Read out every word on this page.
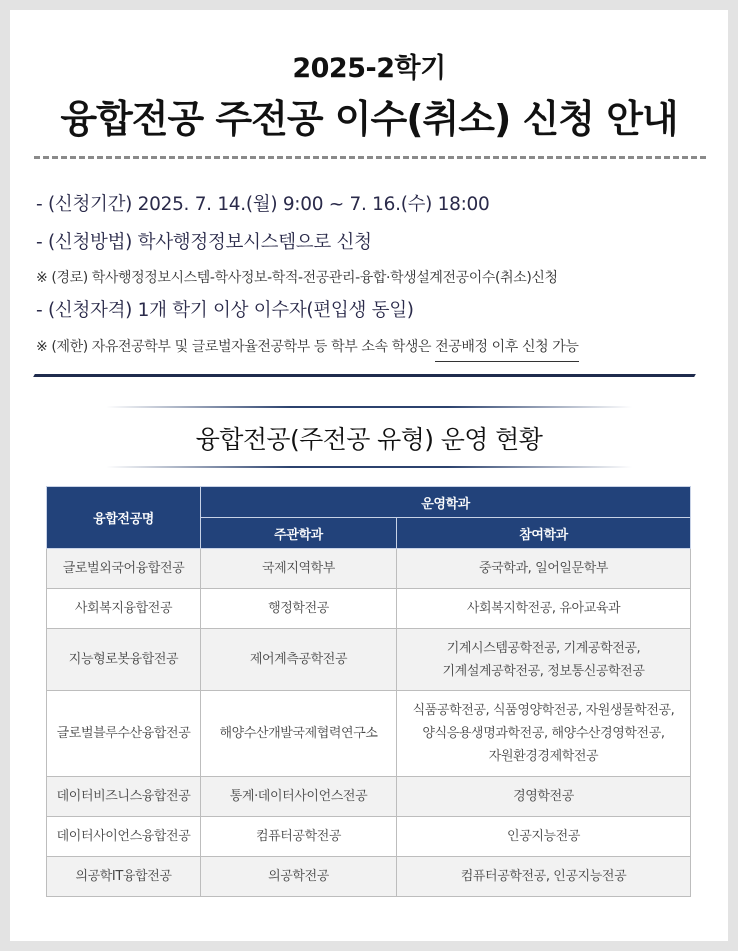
2025-2학기
융합전공 주전공 이수(취소) 신청 안내
- (신청기간) 2025. 7. 14.(월) 9:00 ~ 7. 16.(수) 18:00
- (신청방법) 학사행정정보시스템으로 신청
※ (경로) 학사행정정보시스템-학사정보-학적-전공관리-융합·학생설계전공이수(취소)신청
- (신청자격) 1개 학기 이상 이수자(편입생 동일)
※ (제한) 자유전공학부 및 글로벌자율전공학부 등 학부 소속 학생은 전공배정 이후 신청 가능
융합전공(주전공 유형) 운영 현황
융합전공명	운영학과	
	주관학과	참여학과
글로벌외국어융합전공	국제지역학부	중국학과, 일어일문학부

사회복지융합전공	행정학전공	사회복지학전공, 유아교육과

지능형로봇융합전공	제어계측공학전공	기계시스템공학전공, 기계공학전공,
기계설계공학전공, 정보통신공학전공

글로벌블루수산융합전공	해양수산개발국제협력연구소	식품공학전공, 식품영양학전공, 자원생물학전공,
양식응용생명과학전공, 해양수산경영학전공,
자원환경경제학전공

데이터비즈니스융합전공	통계·데이터사이언스전공	경영학전공

데이터사이언스융합전공	컴퓨터공학전공	인공지능전공

의공학IT융합전공	의공학전공	컴퓨터공학전공, 인공지능전공
